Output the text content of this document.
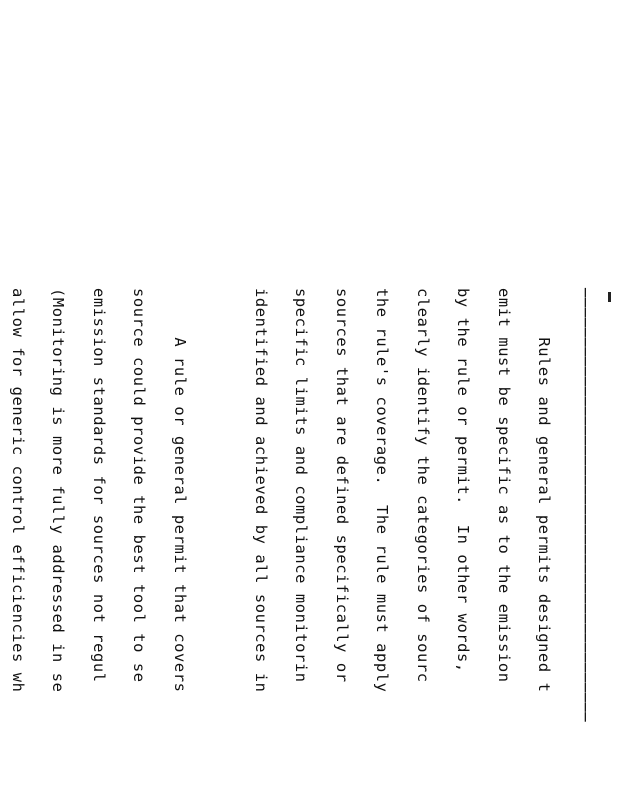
────────────────────────────────────────────

Rules and general permits designed t

emit must be specific as to the emission

by the rule or permit.  In other words,

clearly identify the categories of sourc

the rule's coverage.  The rule must apply

sources that are defined specifically or

specific limits and compliance monitorin

identified and achieved by all sources in

A rule or general permit that covers

source could provide the best tool to se

emission standards for sources not regul

(Monitoring is more fully addressed in se

allow for generic control efficiencies wh
